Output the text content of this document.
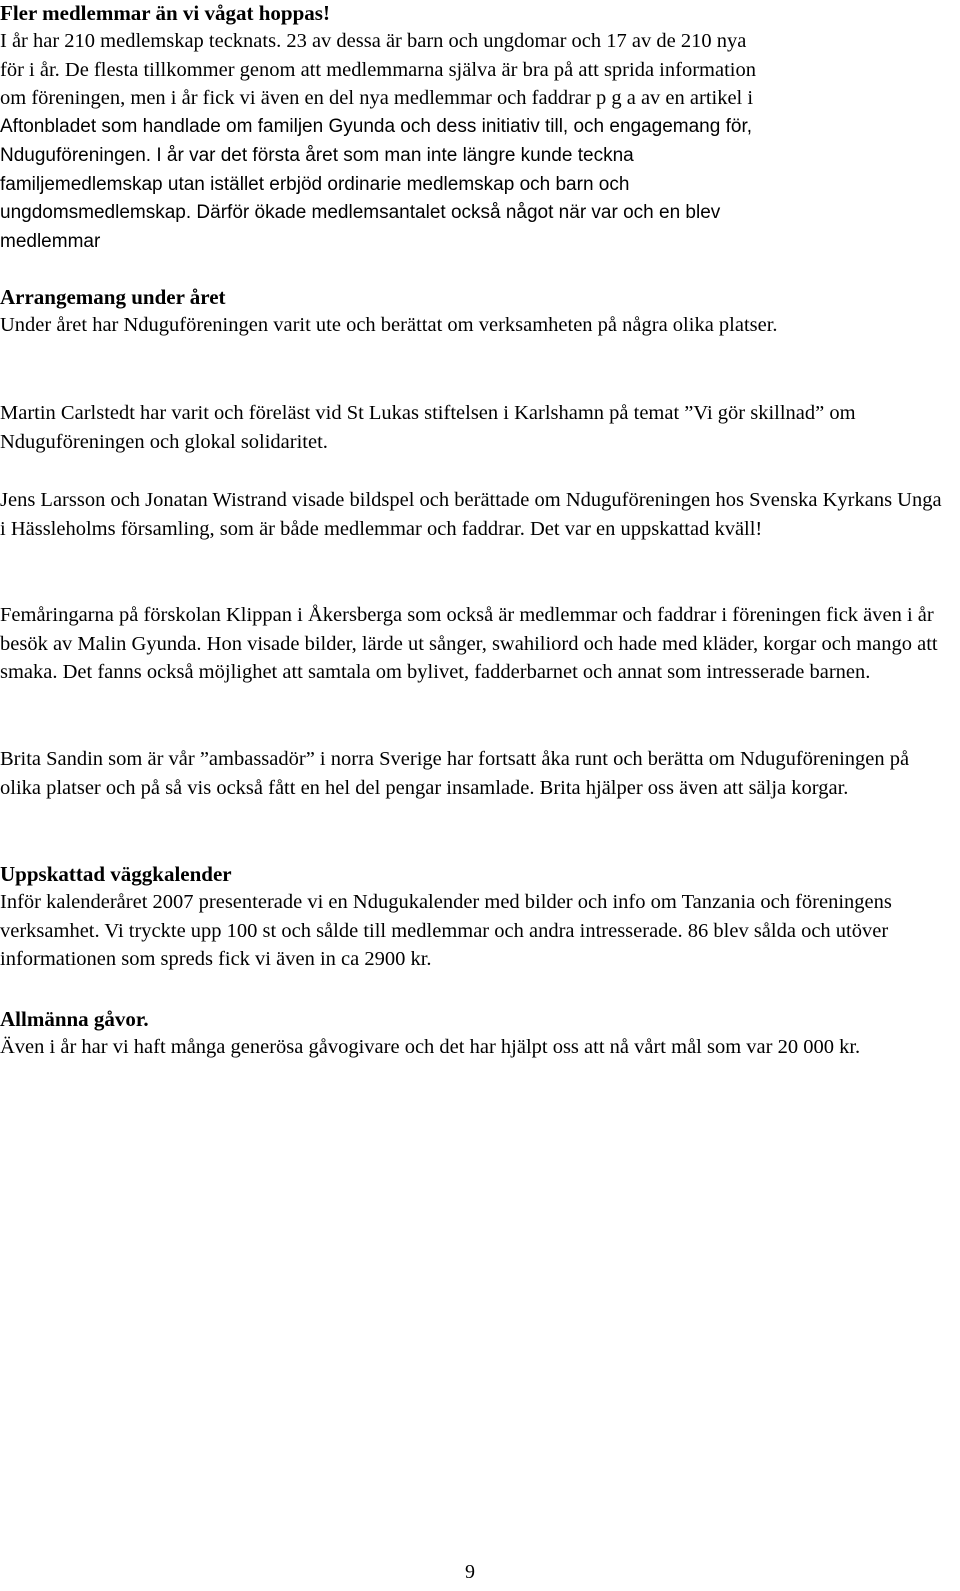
Fler medlemmar än vi vågat hoppas!
I år har 210 medlemskap tecknats. 23 av dessa är barn och ungdomar och 17 av de 210 nya
för i år. De flesta tillkommer genom att medlemmarna själva är bra på att sprida information
om föreningen, men i år fick vi även en del nya medlemmar och faddrar p g a av en artikel i
Aftonbladet som handlade om familjen Gyunda och dess initiativ till, och engagemang för,
Nduguföreningen. I år var det första året som man inte längre kunde teckna
familjemedlemskap utan istället erbjöd ordinarie medlemskap och barn och
ungdomsmedlemskap. Därför ökade medlemsantalet också något när var och en blev
medlemmar
Arrangemang under året

Under året har Nduguföreningen varit ute och berättat om verksamheten på några olika platser.

Martin Carlstedt har varit och föreläst vid St Lukas stiftelsen i Karlshamn på temat ”Vi gör skillnad” om Nduguföreningen och glokal solidaritet.

Jens Larsson och Jonatan Wistrand visade bildspel och berättade om Nduguföreningen hos Svenska Kyrkans Unga i Hässleholms församling, som är både medlemmar och faddrar. Det var en uppskattad kväll!

Femåringarna på förskolan Klippan i Åkersberga som också är medlemmar och faddrar i föreningen fick även i år besök av Malin Gyunda. Hon visade bilder, lärde ut sånger, swahiliord och hade med kläder, korgar och mango att smaka. Det fanns också möjlighet att samtala om bylivet, fadderbarnet och annat som intresserade barnen.

Brita Sandin som är vår ”ambassadör” i norra Sverige har fortsatt åka runt och berätta om Nduguföreningen på olika platser och på så vis också fått en hel del pengar insamlade. Brita hjälper oss även att sälja korgar.

Uppskattad väggkalender

Inför kalenderåret 2007 presenterade vi en Ndugukalender med bilder och info om Tanzania och föreningens verksamhet. Vi tryckte upp 100 st och sålde till medlemmar och andra intresserade. 86 blev sålda och utöver informationen som spreds fick vi även in ca 2900 kr.

Allmänna gåvor.

Även i år har vi haft många generösa gåvogivare och det har hjälpt oss att nå vårt mål som var 20 000 kr.

9
